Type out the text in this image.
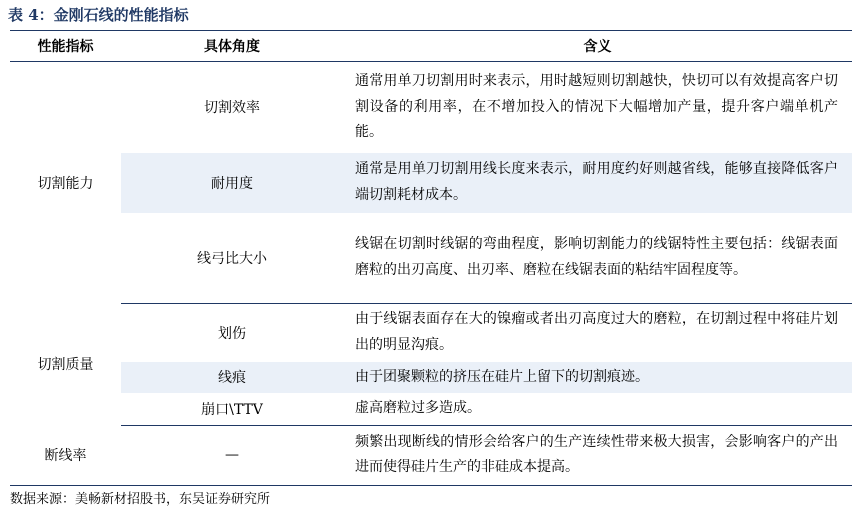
表 4：金刚石线的性能指标
性能指标	具体角度	含义
切割能力	切割效率	通常用单刀切割用时来表示，用时越短则切割越快，快切可以有效提高客户切割设备的利用率，在不增加投入的情况下大幅增加产量，提升客户端单机产能。
	耐用度	通常是用单刀切割用线长度来表示，耐用度约好则越省线，能够直接降低客户端切割耗材成本。
	线弓比大小	线锯在切割时线锯的弯曲程度，影响切割能力的线锯特性主要包括：线锯表面磨粒的出刃高度、出刃率、磨粒在线锯表面的粘结牢固程度等。
切割质量	划伤	由于线锯表面存在大的镍瘤或者出刃高度过大的磨粒，在切割过程中将硅片划出的明显沟痕。
	线痕	由于团聚颗粒的挤压在硅片上留下的切割痕迹。
	崩口\TTV	虚高磨粒过多造成。
断线率	—	频繁出现断线的情形会给客户的生产连续性带来极大损害，会影响客户的产出进而使得硅片生产的非硅成本提高。
数据来源：美畅新材招股书，东吴证券研究所
